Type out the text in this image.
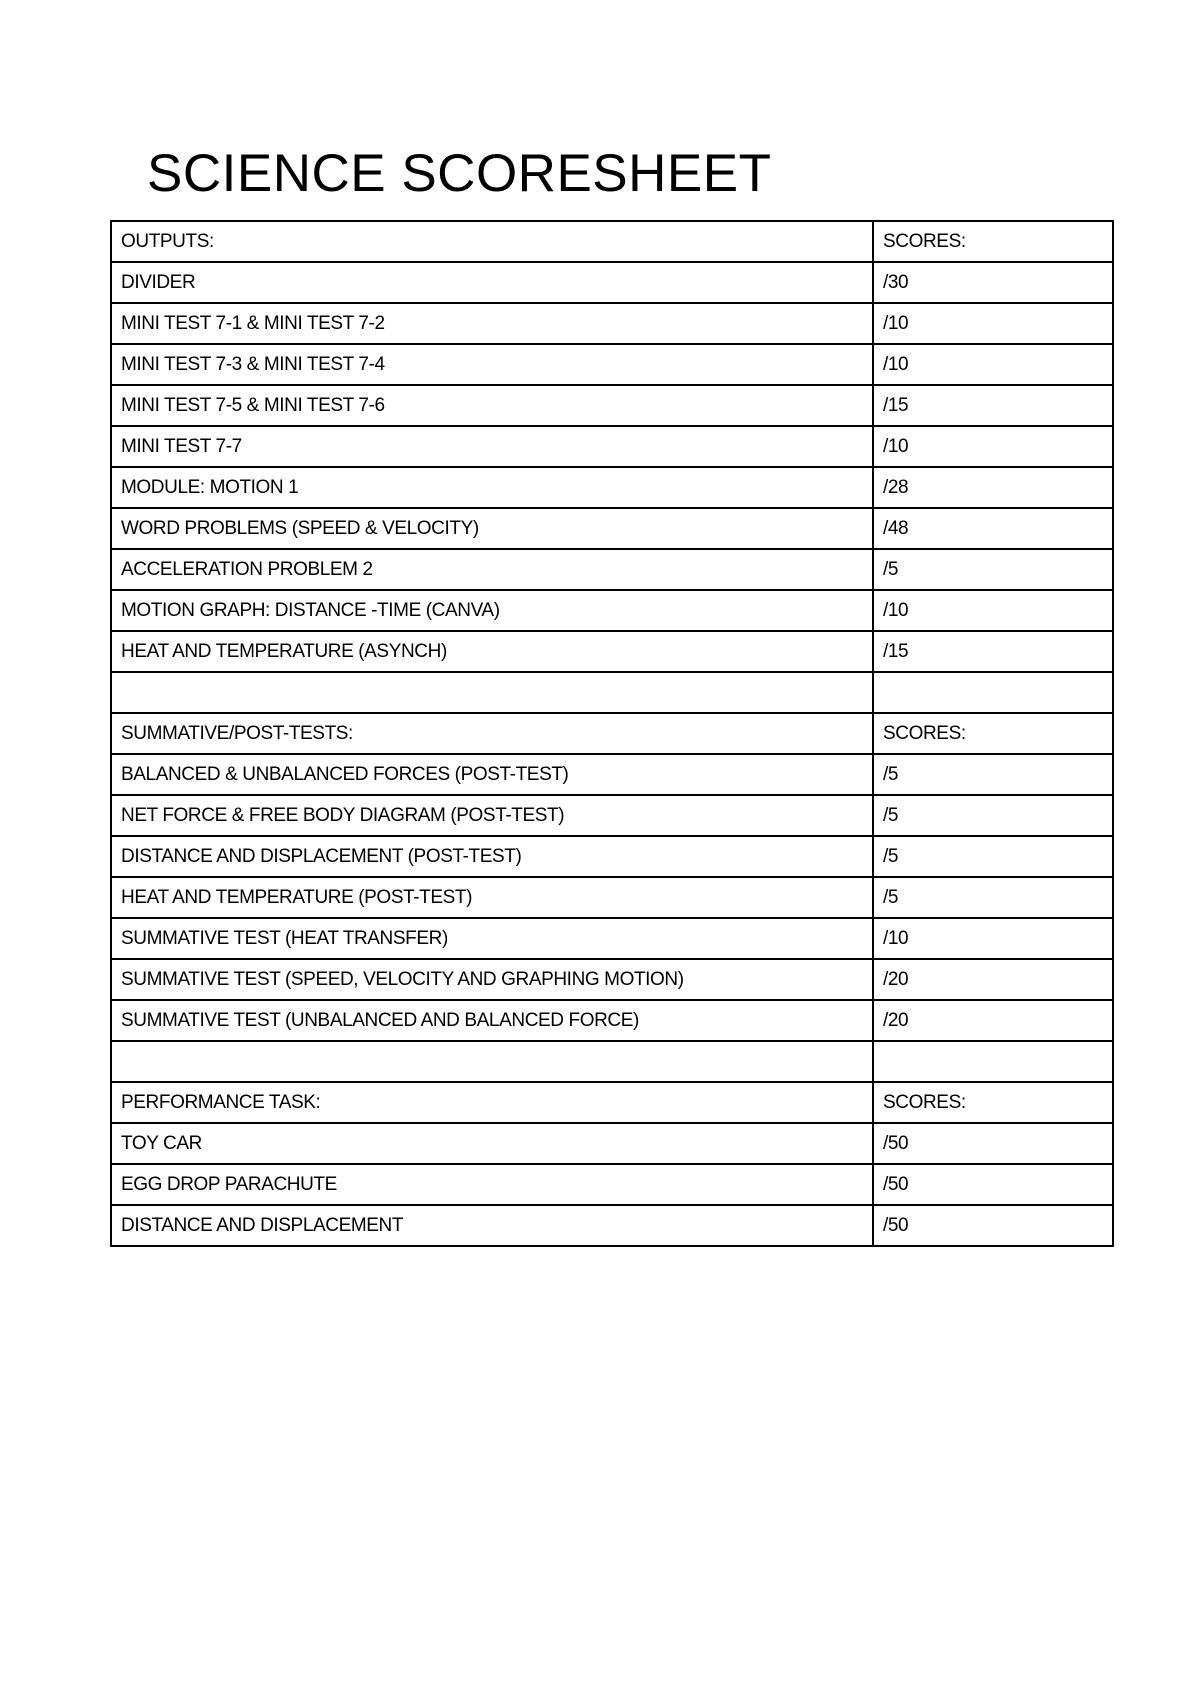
SCIENCE SCORESHEET
OUTPUTS:	SCORES:
DIVIDER	/30
MINI TEST 7-1 & MINI TEST 7-2	/10
MINI TEST 7-3 & MINI TEST 7-4	/10
MINI TEST 7-5 & MINI TEST 7-6	/15
MINI TEST 7-7	/10
MODULE: MOTION 1	/28
WORD PROBLEMS (SPEED & VELOCITY)	/48
ACCELERATION PROBLEM 2	/5
MOTION GRAPH: DISTANCE -TIME (CANVA)	/10
HEAT AND TEMPERATURE (ASYNCH)	/15

SUMMATIVE/POST-TESTS:	SCORES:
BALANCED & UNBALANCED FORCES (POST-TEST)	/5
NET FORCE & FREE BODY DIAGRAM (POST-TEST)	/5
DISTANCE AND DISPLACEMENT (POST-TEST)	/5
HEAT AND TEMPERATURE (POST-TEST)	/5
SUMMATIVE TEST (HEAT TRANSFER)	/10
SUMMATIVE TEST (SPEED, VELOCITY AND GRAPHING MOTION)	/20
SUMMATIVE TEST (UNBALANCED AND BALANCED FORCE)	/20

PERFORMANCE TASK:	SCORES:
TOY CAR	/50
EGG DROP PARACHUTE	/50
DISTANCE AND DISPLACEMENT	/50
